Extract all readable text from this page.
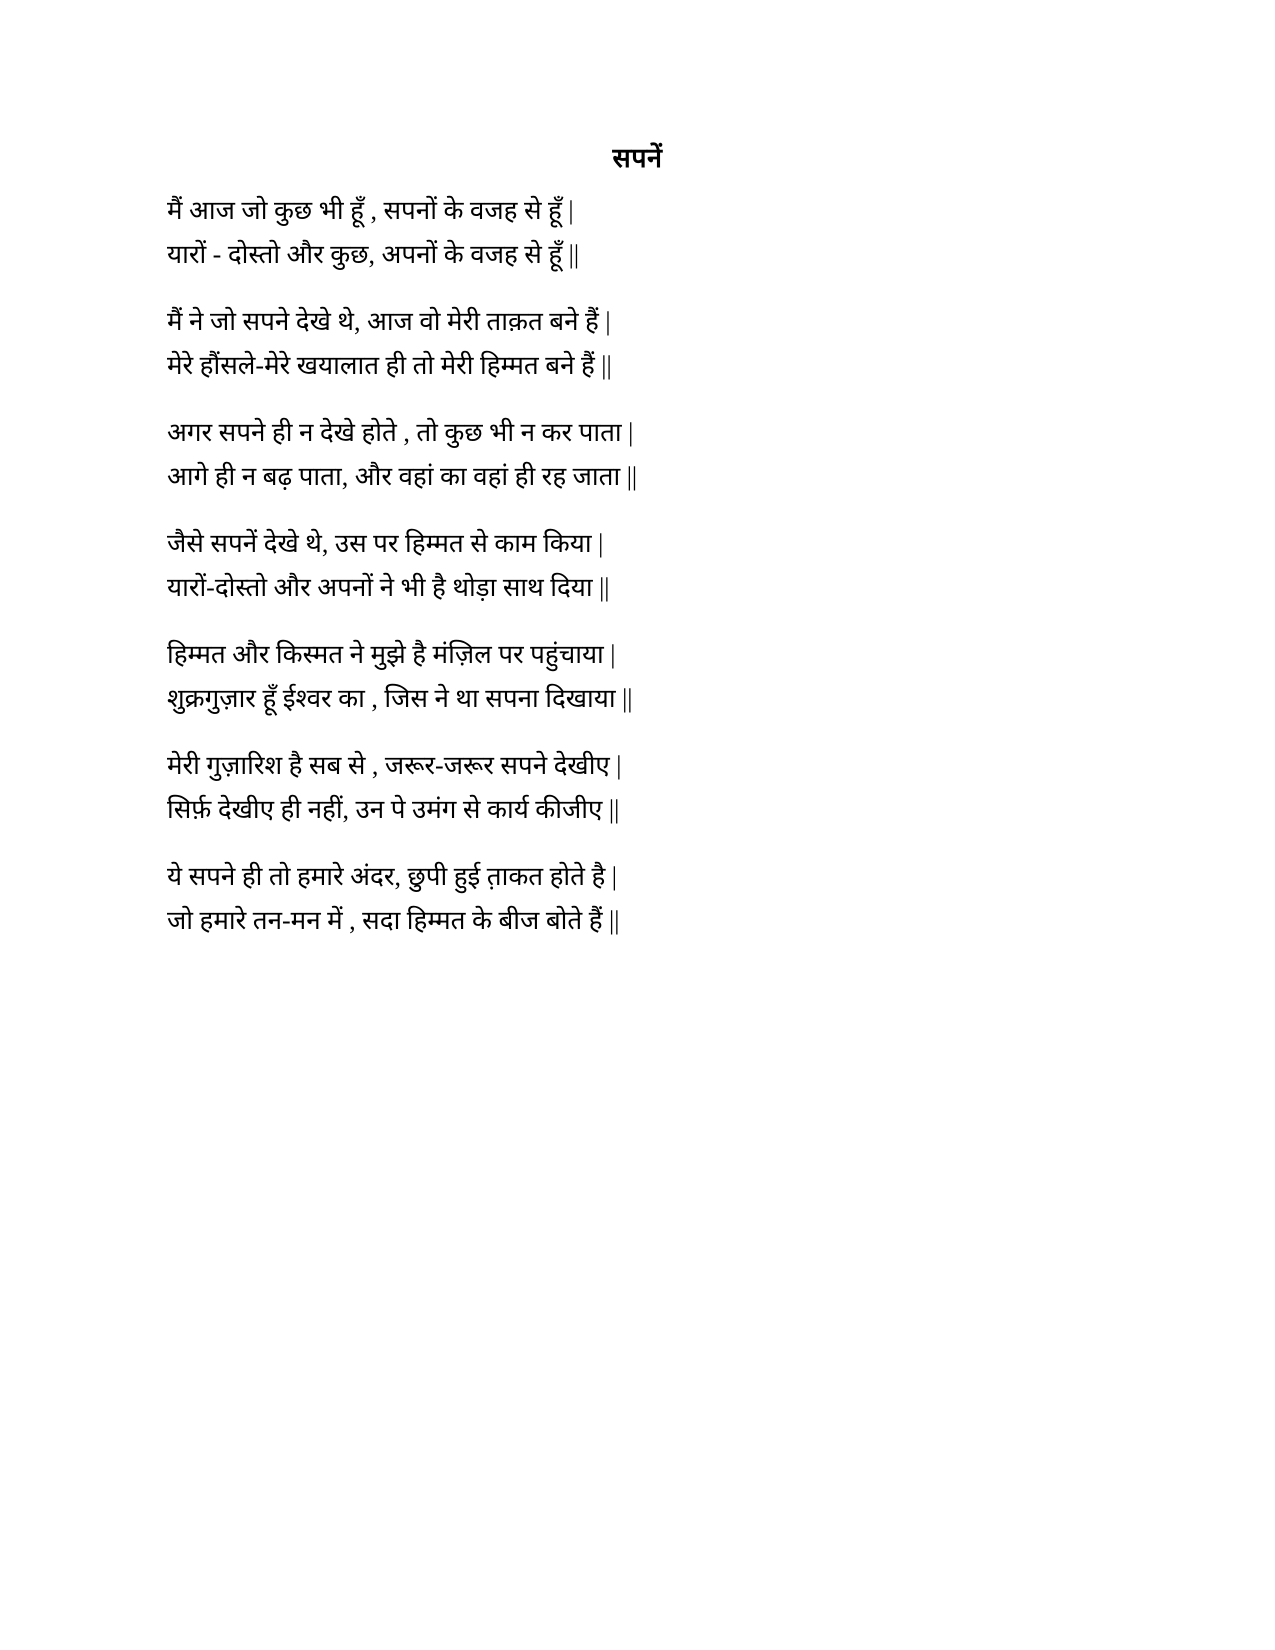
सपनें
मैं आज जो कुछ भी हूँ , सपनों के वजह से हूँ |
यारों - दोस्तो और कुछ, अपनों के वजह से हूँ ||
मैं ने जो सपने देखे थे, आज वो मेरी ताक़त बने हैं |
मेरे हौंसले-मेरे खयालात ही तो मेरी हिम्मत बने हैं ||
अगर सपने ही न देखे होते , तो कुछ भी न कर पाता |
आगे ही न बढ़ पाता, और वहां का वहां ही रह जाता ||
जैसे सपनें देखे थे, उस पर हिम्मत से काम किया |
यारों-दोस्तो और अपनों ने भी है थोड़ा साथ दिया ||
हिम्मत और किस्मत ने मुझे है मंज़िल पर पहुंचाया |
शुक्रगुज़ार हूँ ईश्वर का , जिस ने था सपना दिखाया ||
मेरी गुज़ारिश है सब से , जरूर-जरूर सपने देखीए |
सिर्फ़ देखीए ही नहीं, उन पे उमंग से कार्य कीजीए ||
ये सपने ही तो हमारे अंदर, छुपी हुई त़ाकत होते है |
जो हमारे तन-मन में , सदा हिम्मत के बीज बोते हैं ||
